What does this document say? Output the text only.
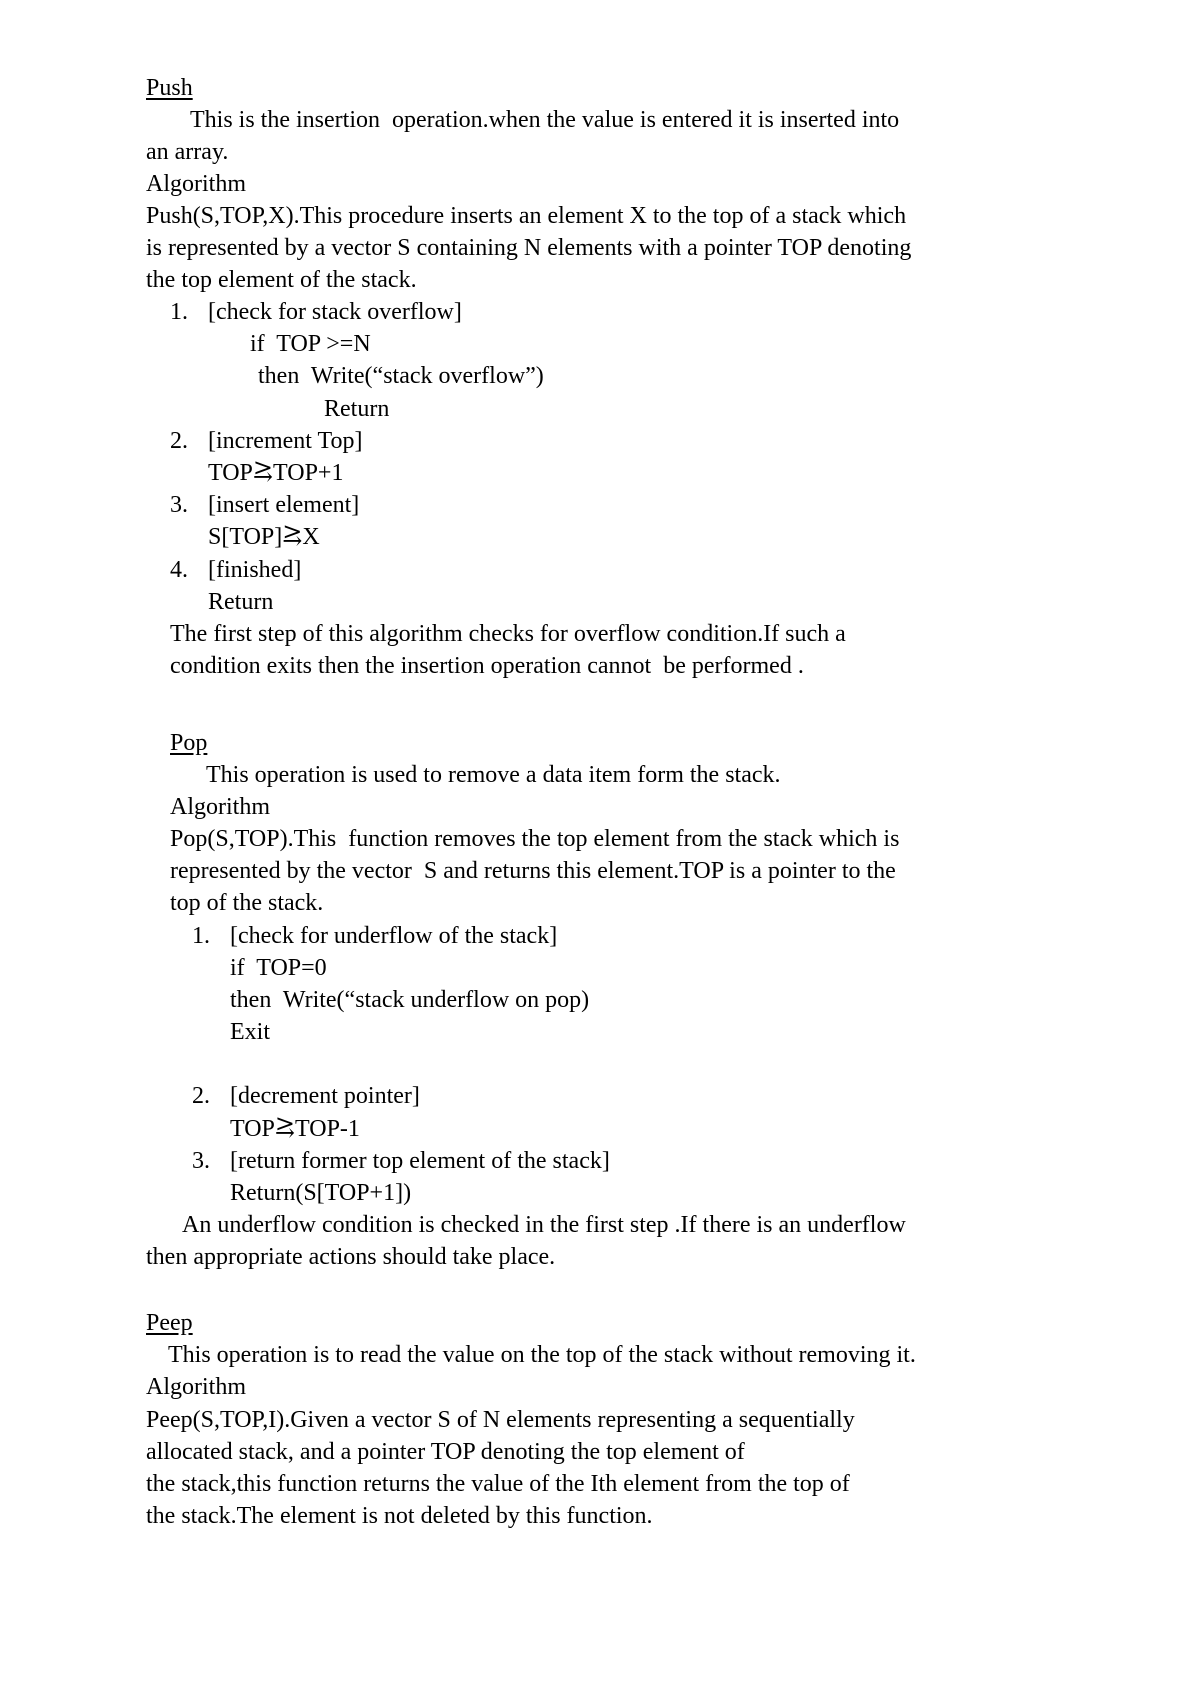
Push
This is the insertion  operation.when the value is entered it is inserted into
an array.
Algorithm
Push(S,TOP,X).This procedure inserts an element X to the top of a stack which
is represented by a vector S containing N elements with a pointer TOP denoting
the top element of the stack.
1. [check for stack overflow]
if  TOP >=N
then  Write(“stack overflow”)
Return
2. [increment Top]
TOP⥸TOP+1
3. [insert element]
S[TOP]⥸X
4. [finished]
Return
The first step of this algorithm checks for overflow condition.If such a
condition exits then the insertion operation cannot  be performed .
Pop
This operation is used to remove a data item form the stack.
Algorithm
Pop(S,TOP).This  function removes the top element from the stack which is
represented by the vector  S and returns this element.TOP is a pointer to the
top of the stack.
1. [check for underflow of the stack]
if  TOP=0
then  Write(“stack underflow on pop)
Exit
2. [decrement pointer]
TOP⥸TOP-1
3. [return former top element of the stack]
Return(S[TOP+1])
An underflow condition is checked in the first step .If there is an underflow
then appropriate actions should take place.
Peep
This operation is to read the value on the top of the stack without removing it.
Algorithm
Peep(S,TOP,I).Given a vector S of N elements representing a sequentially
allocated stack, and a pointer TOP denoting the top element of
the stack,this function returns the value of the Ith element from the top of
the stack.The element is not deleted by this function.
